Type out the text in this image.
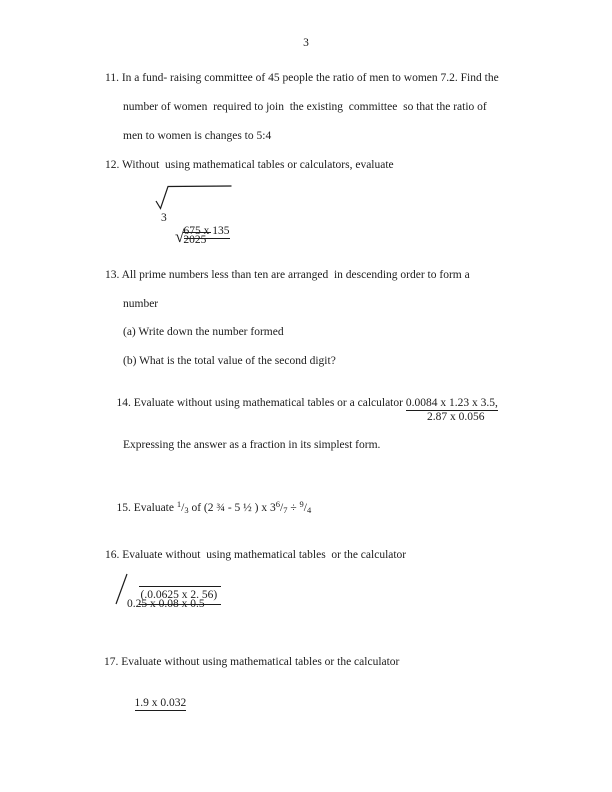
3
11. In a fund- raising committee of 45 people the ratio of men to women 7.2. Find the
number of women  required to join  the existing  committee  so that the ratio of
men to women is changes to 5:4
12. Without  using mathematical tables or calculators, evaluate
3

675 x 135

√ 2025
13. All prime numbers less than ten are arranged  in descending order to form a
number
(a) Write down the number formed
(b) What is the total value of the second digit?

14. Evaluate without using mathematical tables or a calculator 0.0084 x 1.23 x 3.5,

2.87 x 0.056
Expressing the answer as a fraction in its simplest form.

15. Evaluate $^1$/3 of (2 ¾ - 5 ½ ) x $3^6/7 \div ^9/4$

16. Evaluate without  using mathematical tables  or the calculator

(.0.0625 x 2. 56)

0.25 x 0.08 x 0.5
17. Evaluate without using mathematical tables or the calculator

1.9 x 0.032
